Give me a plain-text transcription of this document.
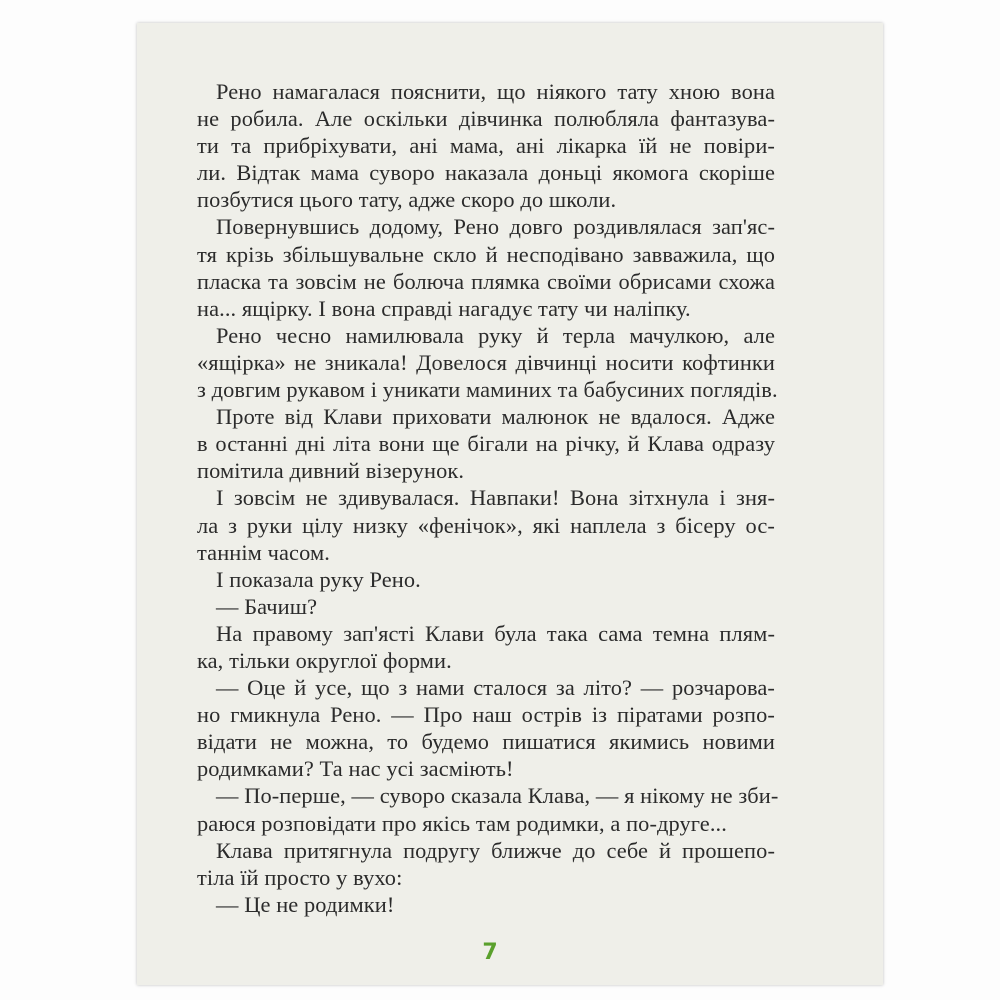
Рено намагалася пояснити, що ніякого тату хною вона
не робила. Але оскільки дівчинка полюбляла фантазува-
ти та прибріхувати, ані мама, ані лікарка їй не повіри-
ли. Відтак мама суворо наказала доньці якомога скоріше
позбутися цього тату, адже скоро до школи.
Повернувшись додому, Рено довго роздивлялася зап'яс-
тя крізь збільшувальне скло й несподівано завважила, що
пласка та зовсім не болюча плямка своїми обрисами схожа
на... ящірку. І вона справді нагадує тату чи наліпку.
Рено чесно намилювала руку й терла мачулкою, але
«ящірка» не зникала! Довелося дівчинці носити кофтинки
з довгим рукавом і уникати маминих та бабусиних поглядів.
Проте від Клави приховати малюнок не вдалося. Адже
в останні дні літа вони ще бігали на річку, й Клава одразу
помітила дивний візерунок.
І зовсім не здивувалася. Навпаки! Вона зітхнула і зня-
ла з руки цілу низку «фенічок», які наплела з бісеру ос-
таннім часом.
І показала руку Рено.
— Бачиш?
На правому зап'ясті Клави була така сама темна плям-
ка, тільки округлої форми.
— Оце й усе, що з нами сталося за літо? — розчарова-
но гмикнула Рено. — Про наш острів із піратами розпо-
відати не можна, то будемо пишатися якимись новими
родимками? Та нас усі засміють!
— По-перше, — суворо сказала Клава, — я нікому не зби-
раюся розповідати про якісь там родимки, а по-друге...
Клава притягнула подругу ближче до себе й прошепо-
тіла їй просто у вухо:
— Це не родимки!
7
